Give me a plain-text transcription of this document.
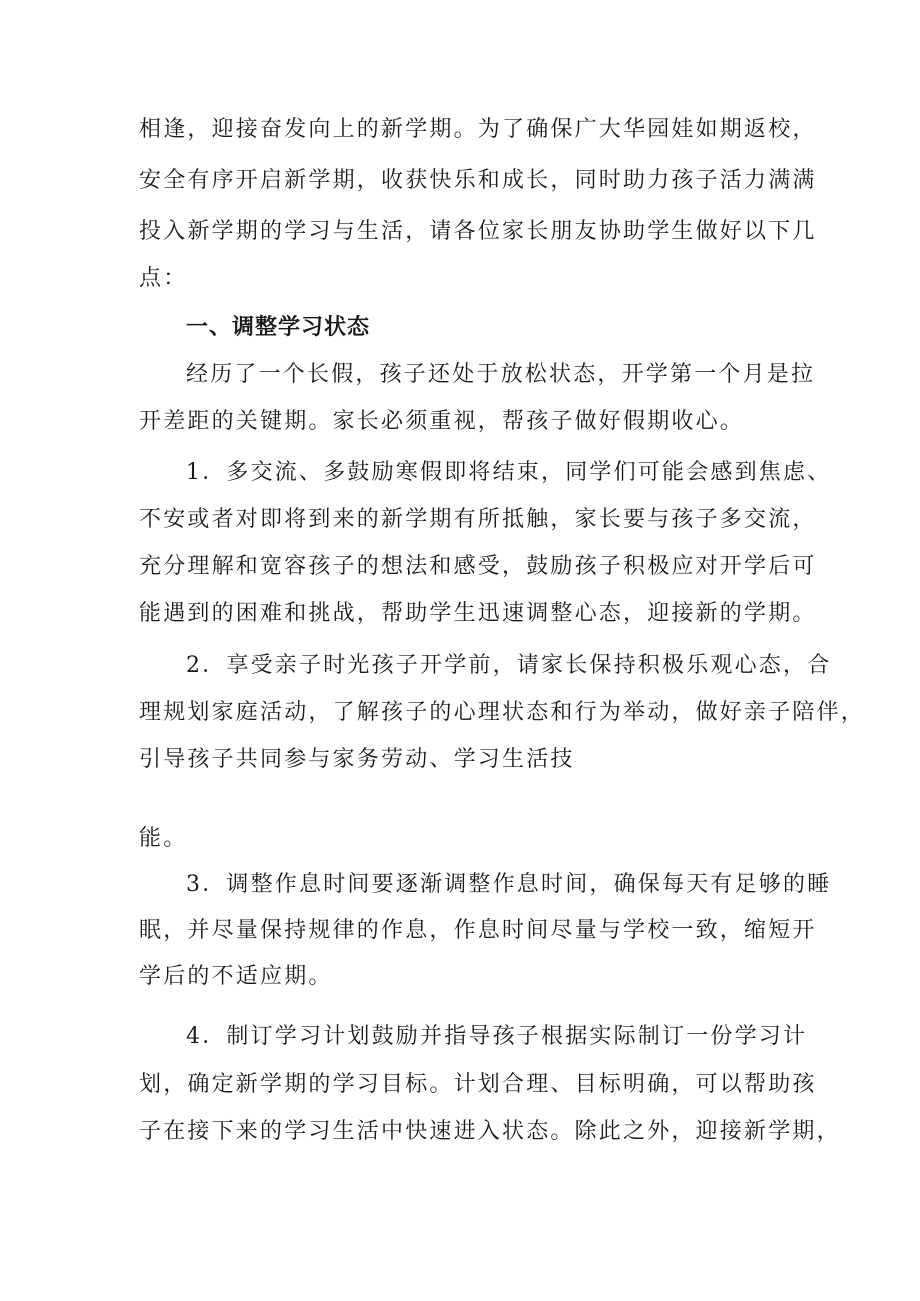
相逢，迎接奋发向上的新学期。为了确保广大华园娃如期返校，
安全有序开启新学期，收获快乐和成长，同时助力孩子活力满满
投入新学期的学习与生活，请各位家长朋友协助学生做好以下几
点：
一、调整学习状态
经历了一个长假，孩子还处于放松状态，开学第一个月是拉
开差距的关键期。家长必须重视，帮孩子做好假期收心。
1．多交流、多鼓励寒假即将结束，同学们可能会感到焦虑、
不安或者对即将到来的新学期有所抵触，家长要与孩子多交流，
充分理解和宽容孩子的想法和感受，鼓励孩子积极应对开学后可
能遇到的困难和挑战，帮助学生迅速调整心态，迎接新的学期。
2．享受亲子时光孩子开学前，请家长保持积极乐观心态，合
理规划家庭活动，了解孩子的心理状态和行为举动，做好亲子陪伴，
引导孩子共同参与家务劳动、学习生活技
能。
3．调整作息时间要逐渐调整作息时间，确保每天有足够的睡
眠，并尽量保持规律的作息，作息时间尽量与学校一致，缩短开
学后的不适应期。
4．制订学习计划鼓励并指导孩子根据实际制订一份学习计
划，确定新学期的学习目标。计划合理、目标明确，可以帮助孩
子在接下来的学习生活中快速进入状态。除此之外，迎接新学期，
